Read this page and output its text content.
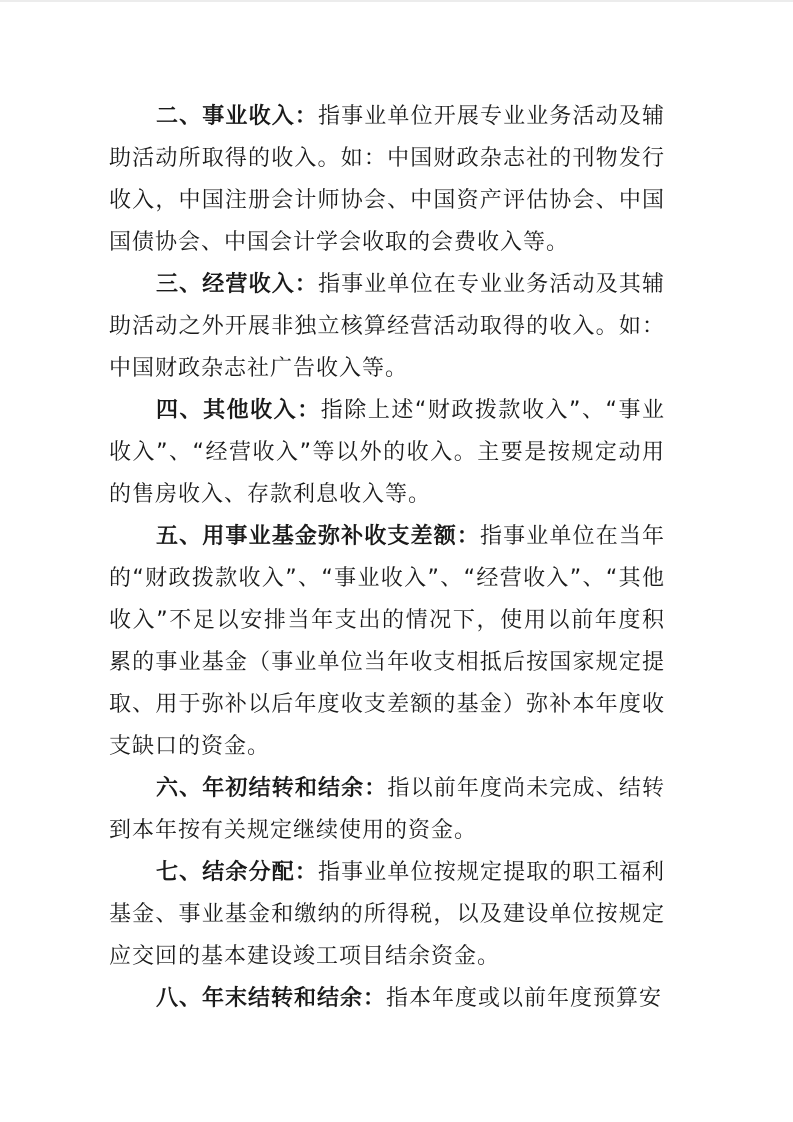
二、事业收入：指事业单位开展专业业务活动及辅助活动所取得的收入。如：中国财政杂志社的刊物发行收入，中国注册会计师协会、中国资产评估协会、中国国债协会、中国会计学会收取的会费收入等。

三、经营收入：指事业单位在专业业务活动及其辅助活动之外开展非独立核算经营活动取得的收入。如：中国财政杂志社广告收入等。

四、其他收入：指除上述“财政拨款收入”、“事业收入”、“经营收入”等以外的收入。主要是按规定动用的售房收入、存款利息收入等。

五、用事业基金弥补收支差额：指事业单位在当年的“财政拨款收入”、“事业收入”、“经营收入”、“其他收入”不足以安排当年支出的情况下，使用以前年度积累的事业基金（事业单位当年收支相抵后按国家规定提取、用于弥补以后年度收支差额的基金）弥补本年度收支缺口的资金。

六、年初结转和结余：指以前年度尚未完成、结转到本年按有关规定继续使用的资金。

七、结余分配：指事业单位按规定提取的职工福利基金、事业基金和缴纳的所得税，以及建设单位按规定应交回的基本建设竣工项目结余资金。

八、年末结转和结余：指本年度或以前年度预算安
